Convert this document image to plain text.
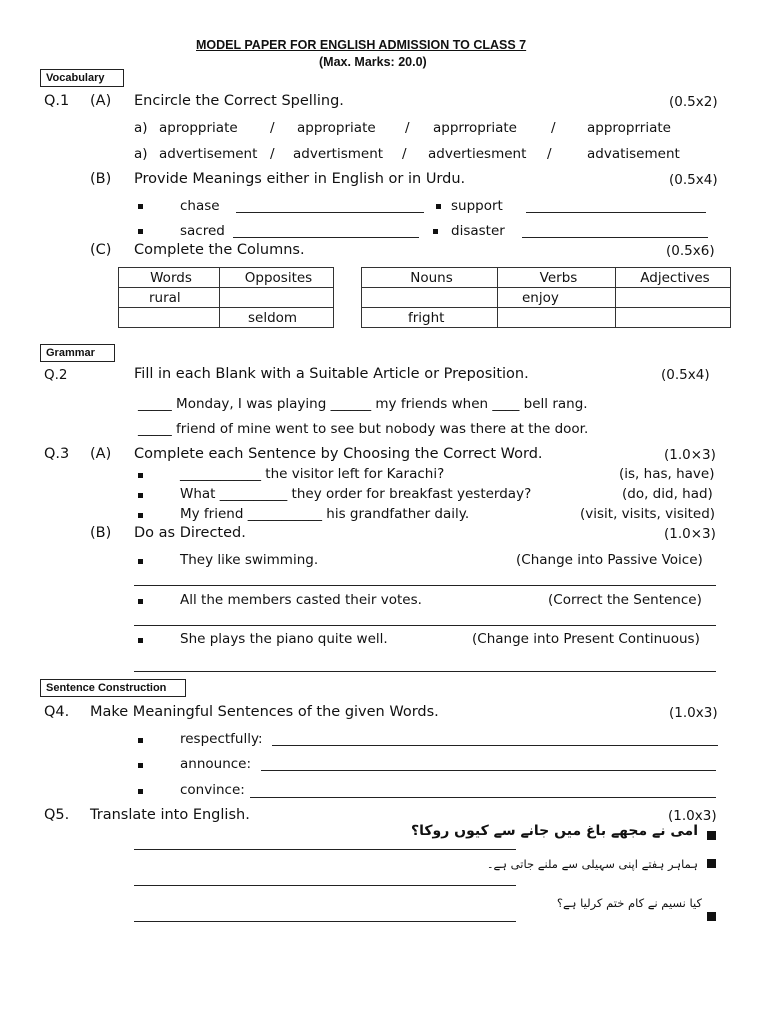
MODEL PAPER FOR ENGLISH ADMISSION TO CLASS 7
(Max. Marks: 20.0)
Vocabulary
Q.1 (A) Encircle the Correct Spelling.	(0.5x2)
a) aproppriate / appropriate / apprropriate	/ approprriate
a) advertisement / advertisment / advertiesment /	advatisement
(B) Provide Meanings either in English or in Urdu.	(0.5x4)
chase	support
sacred	disaster
(C) Complete the Columns.	(0.5x6)
Words	Opposites
rural	
	seldom
Nouns	Verbs	Adjectives
	enjoy	
fright		
Grammar
Q.2	Fill in each Blank with a Suitable Article or Preposition.	(0.5x4)
_____ Monday, I was playing ______ my friends when ____ bell rang.
_____ friend of mine went to see but nobody was there at the door.
Q.3 (A) Complete each Sentence by Choosing the Correct Word.	(1.0×3)
____________ the visitor left for Karachi?	(is, has, have)
What __________ they order for breakfast yesterday?	(do, did, had)
My friend ___________ his grandfather daily.	(visit, visits, visited)
(B) Do as Directed.	(1.0×3)
They like swimming.	(Change into Passive Voice)
All the members casted their votes.	(Correct the Sentence)
She plays the piano quite well.	(Change into Present Continuous)
Sentence Construction
Q4. Make Meaningful Sentences of the given Words.	(1.0x3)
respectfully:
announce:
convince:
Q5. Translate into English.	(1.0x3)
امی نے مجھے باغ میں جانے سے کیوں روکا؟
ہماہر ہفتے اپنی سہیلی سے ملنے جاتی ہے۔
کیا نسیم نے کام ختم کرلیا ہے؟
